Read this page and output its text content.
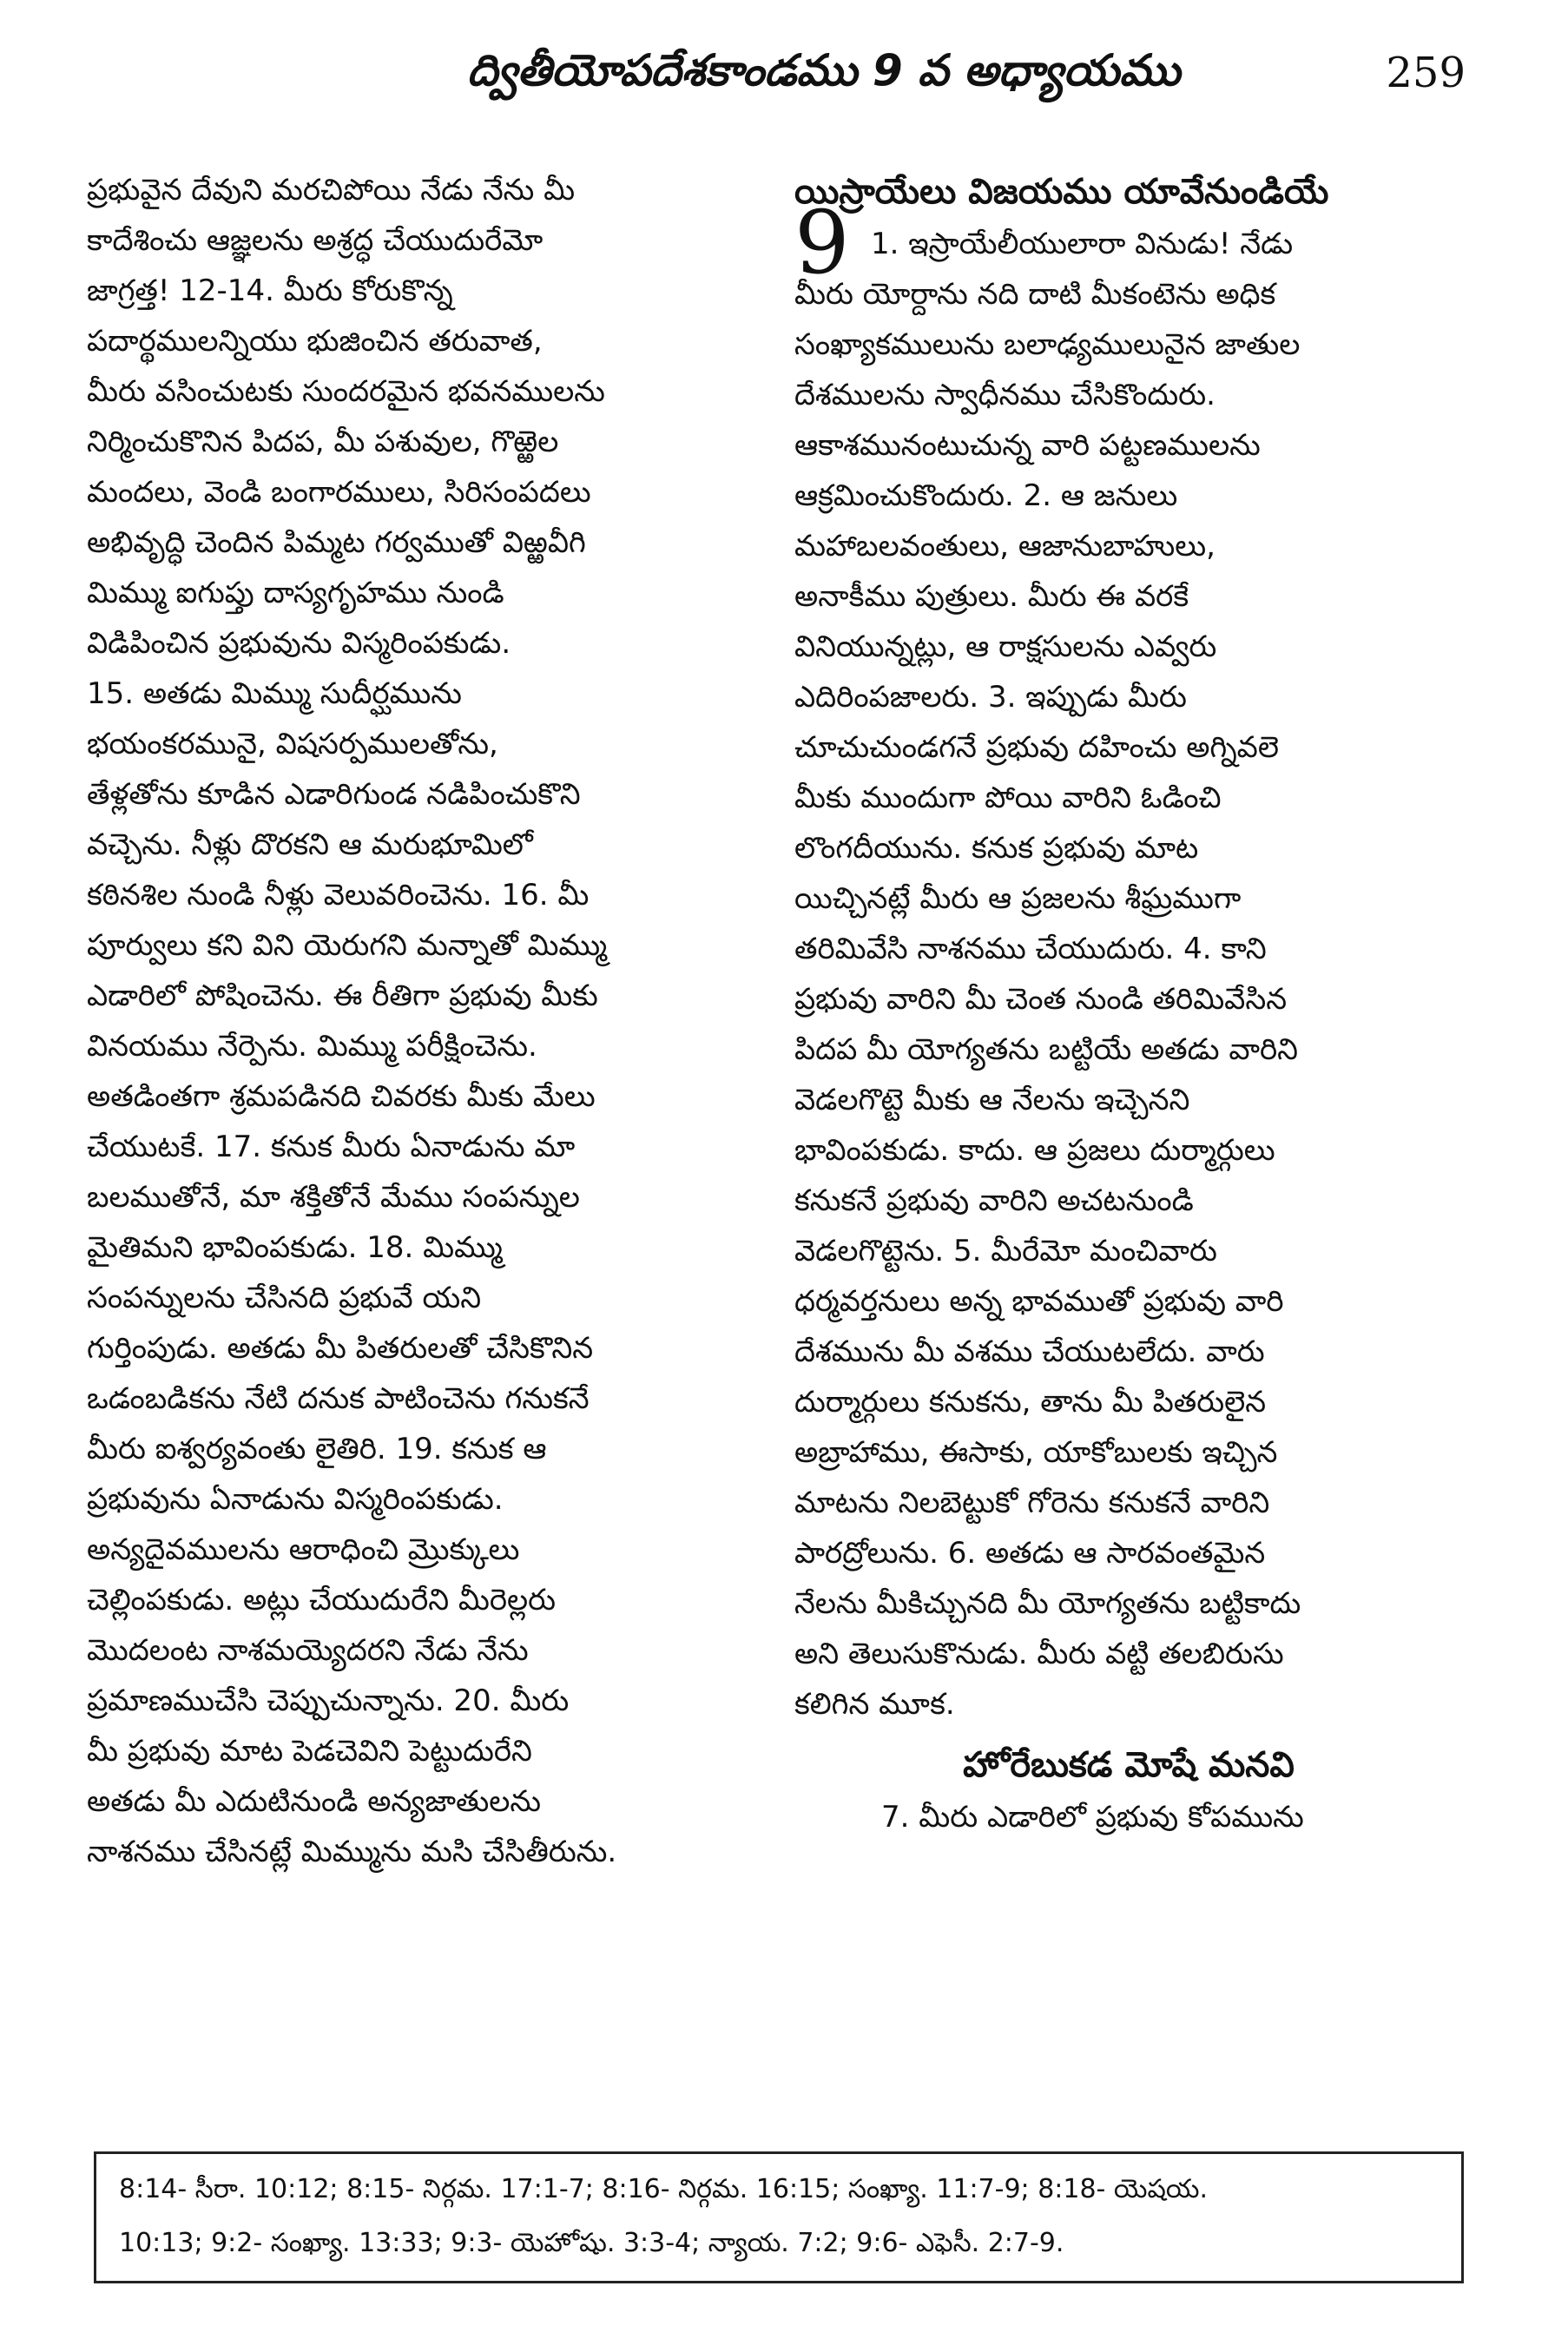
ద్వితీయోపదేశకాండము 9 వ అధ్యాయము	259
ప్రభువైన దేవుని మరచిపోయి నేడు నేను మీ
కాదేశించు ఆజ్ఞలను అశ్రద్ధ చేయుదురేమో
జాగ్రత్త! 12-14. మీరు కోరుకొన్న
పదార్థములన్నియు భుజించిన తరువాత,
మీరు వసించుటకు సుందరమైన భవనములను
నిర్మించుకొనిన పిదప, మీ పశువుల, గొఱ్ఱెల
మందలు, వెండి బంగారములు, సిరిసంపదలు
అభివృద్ధి చెందిన పిమ్మట గర్వముతో విఱ్ఱవీగి
మిమ్ము ఐగుప్తు దాస్యగృహము నుండి
విడిపించిన ప్రభువును విస్మరింపకుడు.
15. అతడు మిమ్ము సుదీర్ఘమును
భయంకరమునై, విషసర్పములతోను,
తేళ్లతోను కూడిన ఎడారిగుండ నడిపించుకొని
వచ్చెను. నీళ్లు దొరకని ఆ మరుభూమిలో
కఠినశిల నుండి నీళ్లు వెలువరించెను. 16. మీ
పూర్వులు కని విని యెరుగని మన్నాతో మిమ్ము
ఎడారిలో పోషించెను. ఈ రీతిగా ప్రభువు మీకు
వినయము నేర్పెను. మిమ్ము పరీక్షించెను.
అతడింతగా శ్రమపడినది చివరకు మీకు మేలు
చేయుటకే. 17. కనుక మీరు ఏనాడును మా
బలముతోనే, మా శక్తితోనే మేము సంపన్నుల
మైతిమని భావింపకుడు. 18. మిమ్ము
సంపన్నులను చేసినది ప్రభువే యని
గుర్తింపుడు. అతడు మీ పితరులతో చేసికొనిన
ఒడంబడికను నేటి దనుక పాటించెను గనుకనే
మీరు ఐశ్వర్యవంతు లైతిరి. 19. కనుక ఆ
ప్రభువును ఏనాడును విస్మరింపకుడు.
అన్యదైవములను ఆరాధించి మ్రొక్కులు
చెల్లింపకుడు. అట్లు చేయుదురేని మీరెల్లరు
మొదలంట నాశమయ్యెదరని నేడు నేను
ప్రమాణముచేసి చెప్పుచున్నాను. 20. మీరు
మీ ప్రభువు మాట పెడచెవిని పెట్టుదురేని
అతడు మీ ఎదుటినుండి అన్యజాతులను
నాశనము చేసినట్లే మిమ్మును మసి చేసితీరును.
యిస్రాయేలు విజయము యావేనుండియే
9 1. ఇస్రాయేలీయులారా వినుడు! నేడు
మీరు యోర్దాను నది దాటి మీకంటెను అధిక
సంఖ్యాకములును బలాఢ్యములునైన జాతుల
దేశములను స్వాధీనము చేసికొందురు.
ఆకాశమునంటుచున్న వారి పట్టణములను
ఆక్రమించుకొందురు. 2. ఆ జనులు
మహాబలవంతులు, ఆజానుబాహులు,
అనాకీము పుత్రులు. మీరు ఈ వరకే
వినియున్నట్లు, ఆ రాక్షసులను ఎవ్వరు
ఎదిరింపజాలరు. 3. ఇప్పుడు మీరు
చూచుచుండగనే ప్రభువు దహించు అగ్నివలె
మీకు ముందుగా పోయి వారిని ఓడించి
లొంగదీయును. కనుక ప్రభువు మాట
యిచ్చినట్లే మీరు ఆ ప్రజలను శీఘ్రముగా
తరిమివేసి నాశనము చేయుదురు. 4. కాని
ప్రభువు వారిని మీ చెంత నుండి తరిమివేసిన
పిదప మీ యోగ్యతను బట్టియే అతడు వారిని
వెడలగొట్టె మీకు ఆ నేలను ఇచ్చెనని
భావింపకుడు. కాదు. ఆ ప్రజలు దుర్మార్గులు
కనుకనే ప్రభువు వారిని అచటనుండి
వెడలగొట్టెను. 5. మీరేమో మంచివారు
ధర్మవర్తనులు అన్న భావముతో ప్రభువు వారి
దేశమును మీ వశము చేయుటలేదు. వారు
దుర్మార్గులు కనుకను, తాను మీ పితరులైన
అబ్రాహాము, ఈసాకు, యాకోబులకు ఇచ్చిన
మాటను నిలబెట్టుకో గోరెను కనుకనే వారిని
పారద్రోలును. 6. అతడు ఆ సారవంతమైన
నేలను మీకిచ్చునది మీ యోగ్యతను బట్టికాదు
అని తెలుసుకొనుడు. మీరు వట్టి తలబిరుసు
కలిగిన మూక.
హోరేబుకడ మోషే మనవి
7. మీరు ఎడారిలో ప్రభువు కోపమును
8:14- సీరా. 10:12; 8:15- నిర్గమ. 17:1-7; 8:16- నిర్గమ. 16:15; సంఖ్యా. 11:7-9; 8:18- యెషయ.
10:13; 9:2- సంఖ్యా. 13:33; 9:3- యెహోషు. 3:3-4; న్యాయ. 7:2; 9:6- ఎఫెసీ. 2:7-9.
